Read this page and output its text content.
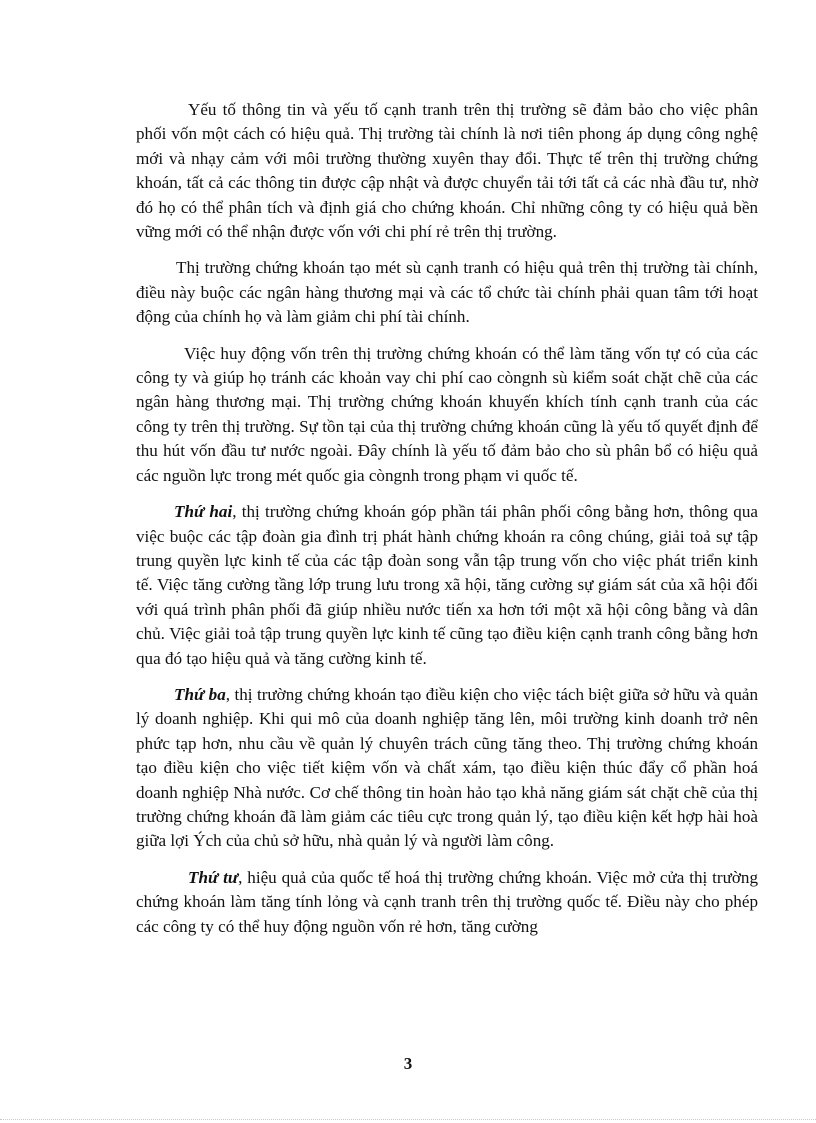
Yếu tố thông tin và yếu tố cạnh tranh trên thị trường sẽ đảm bảo cho việc phân phối vốn một cách có hiệu quả. Thị trường tài chính là nơi tiên phong áp dụng công nghệ mới và nhạy cảm với môi trường thường xuyên thay đổi. Thực tế trên thị trường chứng khoán, tất cả các thông tin được cập nhật và được chuyển tải tới tất cả các nhà đầu tư, nhờ đó họ có thể phân tích và định giá cho chứng khoán. Chỉ những công ty có hiệu quả bền vững mới có thể nhận được vốn với chi phí rẻ trên thị trường.

Thị trường chứng khoán tạo mét sù cạnh tranh có hiệu quả trên thị trường tài chính, điều này buộc các ngân hàng thương mại và các tổ chức tài chính phải quan tâm tới hoạt động của chính họ và làm giảm chi phí tài chính.

Việc huy động vốn trên thị trường chứng khoán có thể làm tăng vốn tự có của các công ty và giúp họ tránh các khoản vay chi phí cao còngnh sù kiểm soát chặt chẽ của các ngân hàng thương mại. Thị trường chứng khoán khuyến khích tính cạnh tranh của các công ty trên thị trường. Sự tồn tại của thị trường chứng khoán cũng là yếu tố quyết định để thu hút vốn đầu tư nước ngoài. Đây chính là yếu tố đảm bảo cho sù phân bổ có hiệu quả các nguồn lực trong mét quốc gia còngnh trong phạm vi quốc tế.

Thứ hai, thị trường chứng khoán góp phần tái phân phối công bằng hơn, thông qua việc buộc các tập đoàn gia đình trị phát hành chứng khoán ra công chúng, giải toả sự tập trung quyền lực kinh tế của các tập đoàn song vẫn tập trung vốn cho việc phát triển kinh tế. Việc tăng cường tầng lớp trung lưu trong xã hội, tăng cường sự giám sát của xã hội đối với quá trình phân phối đã giúp nhiều nước tiến xa hơn tới một xã hội công bằng và dân chủ. Việc giải toả tập trung quyền lực kinh tế cũng tạo điều kiện cạnh tranh công bằng hơn qua đó tạo hiệu quả và tăng cường kinh tế.

Thứ ba, thị trường chứng khoán tạo điều kiện cho việc tách biệt giữa sở hữu và quản lý doanh nghiệp. Khi qui mô của doanh nghiệp tăng lên, môi trường kinh doanh trở nên phức tạp hơn, nhu cầu về quản lý chuyên trách cũng tăng theo. Thị trường chứng khoán tạo điều kiện cho việc tiết kiệm vốn và chất xám, tạo điều kiện thúc đẩy cổ phần hoá doanh nghiệp Nhà nước. Cơ chế thông tin hoàn hảo tạo khả năng giám sát chặt chẽ của thị trường chứng khoán đã làm giảm các tiêu cực trong quản lý, tạo điều kiện kết hợp hài hoà giữa lợi Ých của chủ sở hữu, nhà quản lý và người làm công.

Thứ tư, hiệu quả của quốc tế hoá thị trường chứng khoán. Việc mở cửa thị trường chứng khoán làm tăng tính lỏng và cạnh tranh trên thị trường quốc tế. Điều này cho phép các công ty có thể huy động nguồn vốn rẻ hơn, tăng cường

3
